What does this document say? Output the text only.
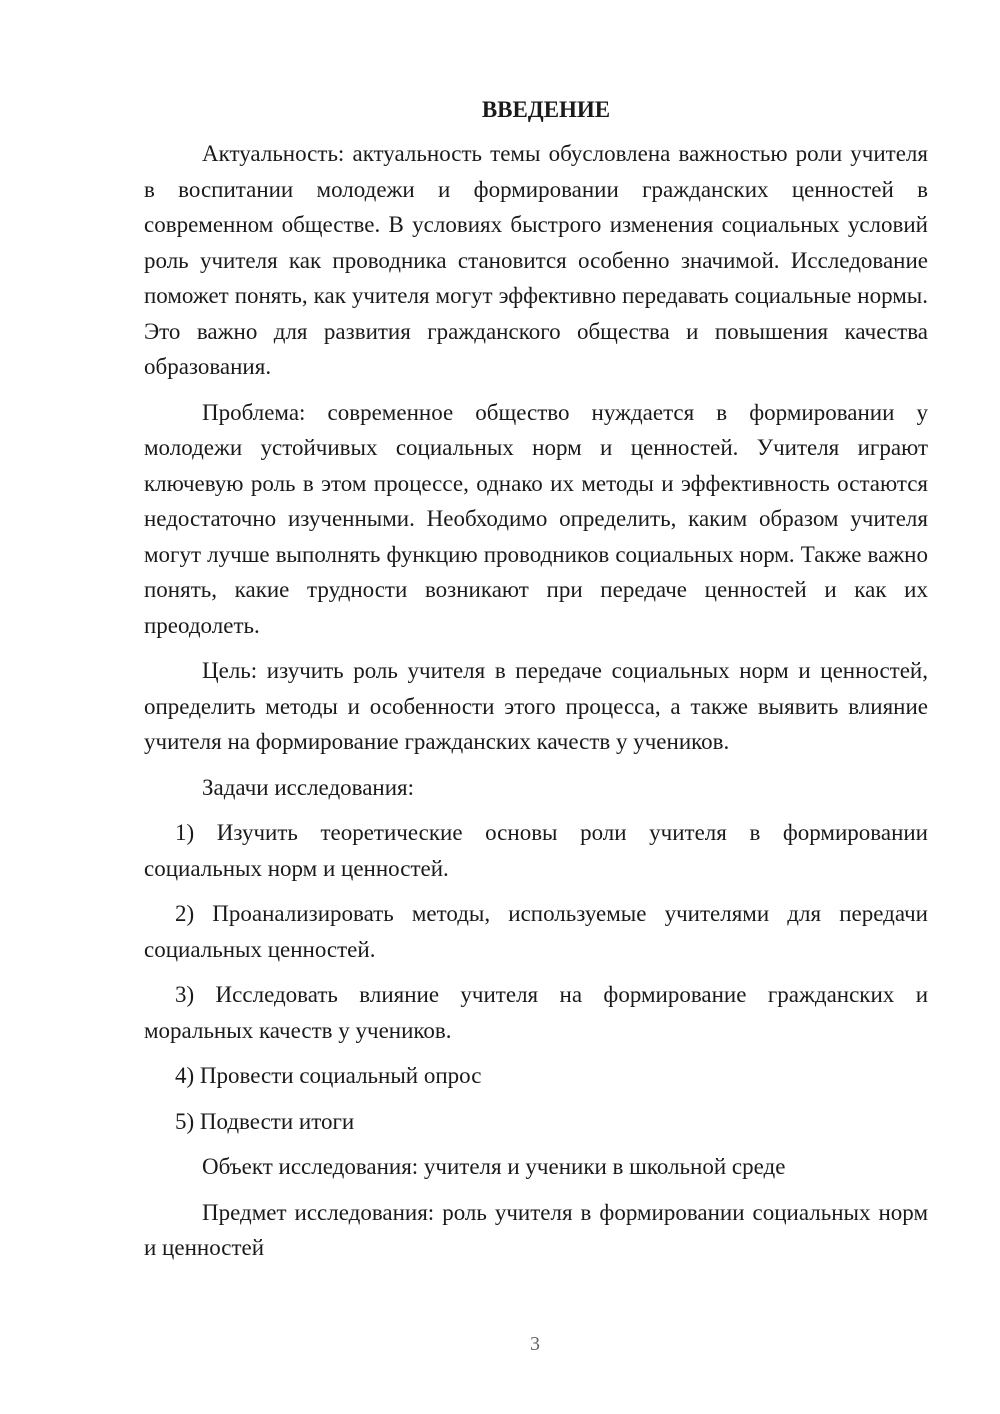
ВВЕДЕНИЕ

Актуальность: актуальность темы обусловлена важностью роли учителя в воспитании молодежи и формировании гражданских ценностей в современном обществе. В условиях быстрого изменения социальных условий роль учителя как проводника становится особенно значимой. Исследование поможет понять, как учителя могут эффективно передавать социальные нормы. Это важно для развития гражданского общества и повышения качества образования.

Проблема: современное общество нуждается в формировании у молодежи устойчивых социальных норм и ценностей. Учителя играют ключевую роль в этом процессе, однако их методы и эффективность остаются недостаточно изученными. Необходимо определить, каким образом учителя могут лучше выполнять функцию проводников социальных норм. Также важно понять, какие трудности возникают при передаче ценностей и как их преодолеть.

Цель: изучить роль учителя в передаче социальных норм и ценностей, определить методы и особенности этого процесса, а также выявить влияние учителя на формирование гражданских качеств у учеников.

Задачи исследования:

1) Изучить теоретические основы роли учителя в формировании социальных норм и ценностей.

2) Проанализировать методы, используемые учителями для передачи социальных ценностей.

3) Исследовать влияние учителя на формирование гражданских и моральных качеств у учеников.

4) Провести социальный опрос

5) Подвести итоги

Объект исследования: учителя и ученики в школьной среде

Предмет исследования: роль учителя в формировании социальных норм и ценностей

3
